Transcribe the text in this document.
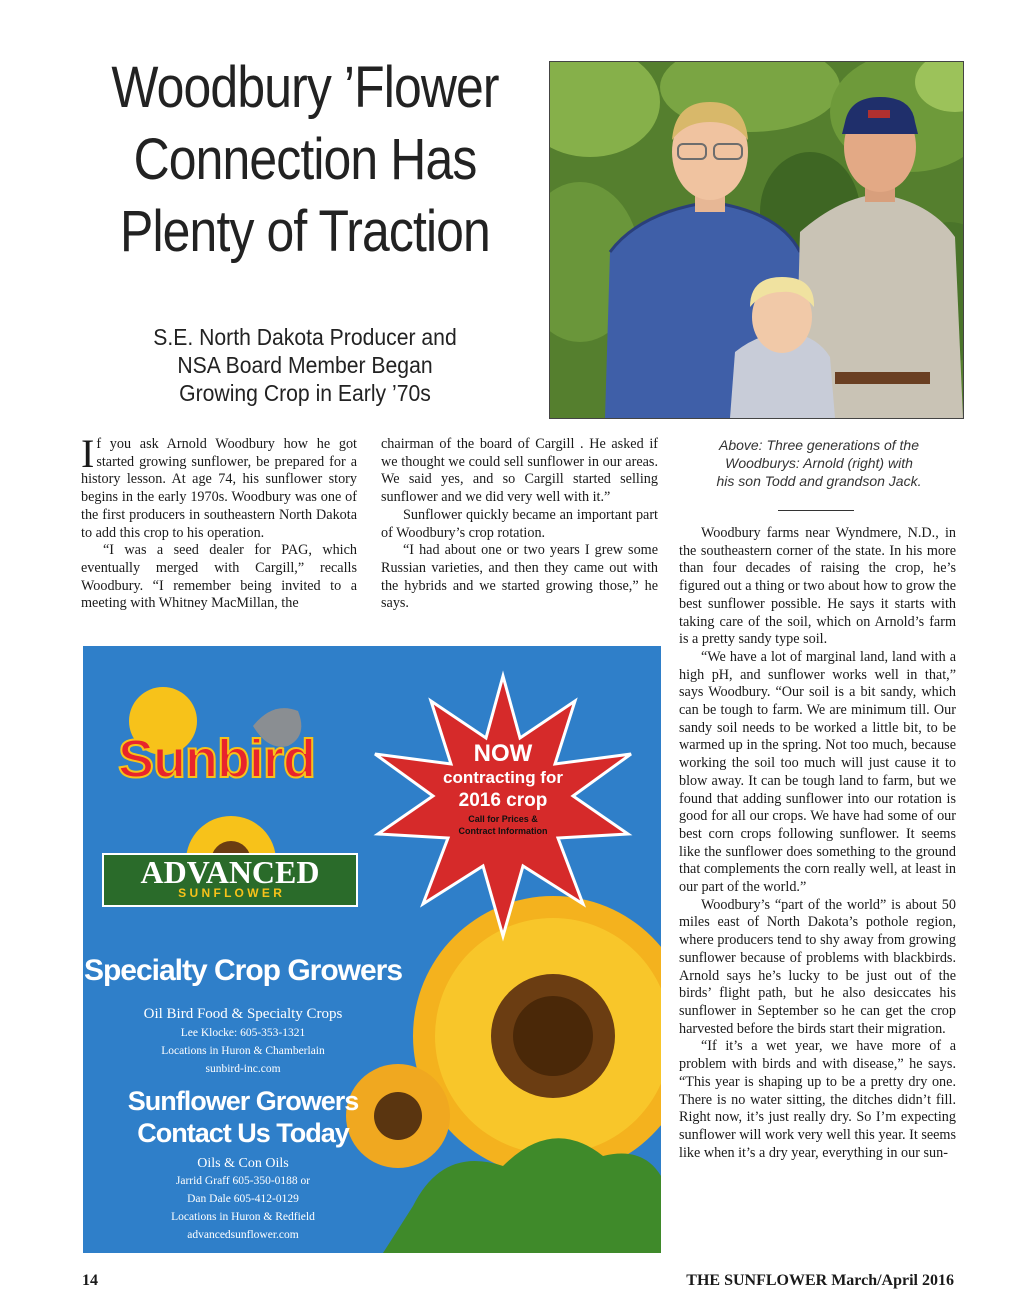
Woodbury ’Flower
Connection Has
Plenty of Traction
S.E. North Dakota Producer and
NSA Board Member Began
Growing Crop in Early ’70s

If you ask Arnold Woodbury how he got started growing sunflower, be prepared for a history lesson. At age 74, his sunflower story begins in the early 1970s. Woodbury was one of the first producers in southeastern North Dakota to add this crop to his operation.

“I was a seed dealer for PAG, which eventually merged with Cargill,” recalls Woodbury. “I remember being invited to a meeting with Whitney MacMillan, the

chairman of the board of Cargill . He asked if we thought we could sell sunflower in our areas. We said yes, and so Cargill started selling sunflower and we did very well with it.”

Sunflower quickly became an important part of Woodbury’s crop rotation.

“I had about one or two years I grew some Russian varieties, and then they came out with the hybrids and we started growing those,” he says.

Above: Three generations of the
Woodburys: Arnold (right) with
his son Todd and grandson Jack.

Woodbury farms near Wyndmere, N.D., in the southeastern corner of the state. In his more than four decades of raising the crop, he’s figured out a thing or two about how to grow the best sunflower possible. He says it starts with taking care of the soil, which on Arnold’s farm is a pretty sandy type soil.

“We have a lot of marginal land, land with a high pH, and sunflower works well in that,” says Woodbury. “Our soil is a bit sandy, which can be tough to farm. We are minimum till. Our sandy soil needs to be worked a little bit, to be warmed up in the spring. Not too much, because working the soil too much will just cause it to blow away. It can be tough land to farm, but we found that adding sunflower into our rotation is good for all our crops. We have had some of our best corn crops following sunflower. It seems like the sunflower does something to the ground that complements the corn really well, at least in our part of the world.”

Woodbury’s “part of the world” is about 50 miles east of North Dakota’s pothole region, where producers tend to shy away from growing sunflower because of problems with blackbirds. Arnold says he’s lucky to be just out of the birds’ flight path, but he also desiccates his sunflower in September so he can get the crop harvested before the birds start their migration.

“If it’s a wet year, we have more of a problem with birds and with disease,” he says. “This year is shaping up to be a pretty dry one. There is no water sitting, the ditches didn’t fill. Right now, it’s just really dry. So I’m expecting sunflower will work very well this year. It seems like when it’s a dry year, everything in our sun-

Sunbird
ADVANCED
S U N F L O W E R
NOW
contracting for
2016 crop
Call for Prices &
Contract Information
Specialty Crop Growers
Oil Bird Food & Specialty Crops
Lee Klocke: 605-353-1321
Locations in Huron & Chamberlain
sunbird-inc.com
Sunflower Growers
Contact Us Today
Oils & Con Oils
Jarrid Graff 605-350-0188 or
Dan Dale 605-412-0129
Locations in Huron & Redfield
advancedsunflower.com
14	THE SUNFLOWER March/April 2016
